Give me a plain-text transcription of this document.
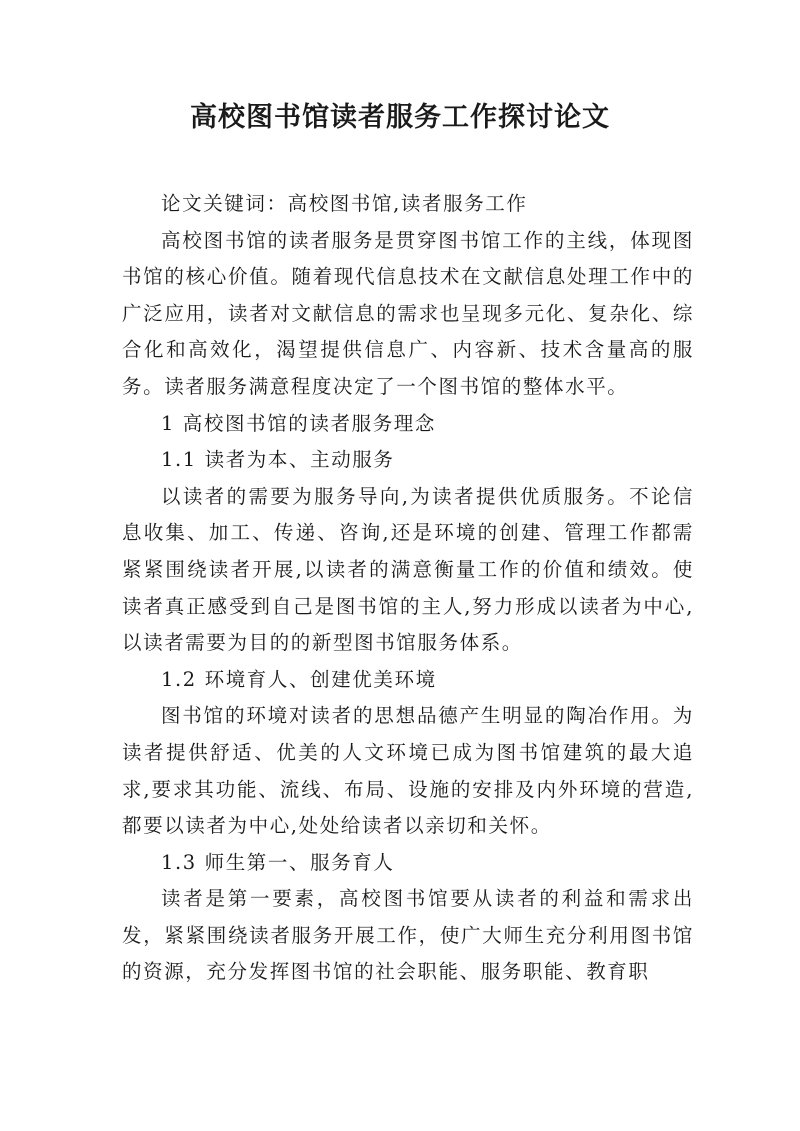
高校图书馆读者服务工作探讨论文

论文关键词：高校图书馆,读者服务工作

高校图书馆的读者服务是贯穿图书馆工作的主线，体现图书馆的核心价值。随着现代信息技术在文献信息处理工作中的广泛应用，读者对文献信息的需求也呈现多元化、复杂化、综合化和高效化，渴望提供信息广、内容新、技术含量高的服务。读者服务满意程度决定了一个图书馆的整体水平。

1 高校图书馆的读者服务理念

1.1 读者为本、主动服务

以读者的需要为服务导向,为读者提供优质服务。不论信息收集、加工、传递、咨询,还是环境的创建、管理工作都需紧紧围绕读者开展,以读者的满意衡量工作的价值和绩效。使读者真正感受到自己是图书馆的主人,努力形成以读者为中心,以读者需要为目的的新型图书馆服务体系。

1.2 环境育人、创建优美环境

图书馆的环境对读者的思想品德产生明显的陶冶作用。为读者提供舒适、优美的人文环境已成为图书馆建筑的最大追求,要求其功能、流线、布局、设施的安排及内外环境的营造,都要以读者为中心,处处给读者以亲切和关怀。

1.3 师生第一、服务育人

读者是第一要素，高校图书馆要从读者的利益和需求出发，紧紧围绕读者服务开展工作，使广大师生充分利用图书馆的资源，充分发挥图书馆的社会职能、服务职能、教育职
